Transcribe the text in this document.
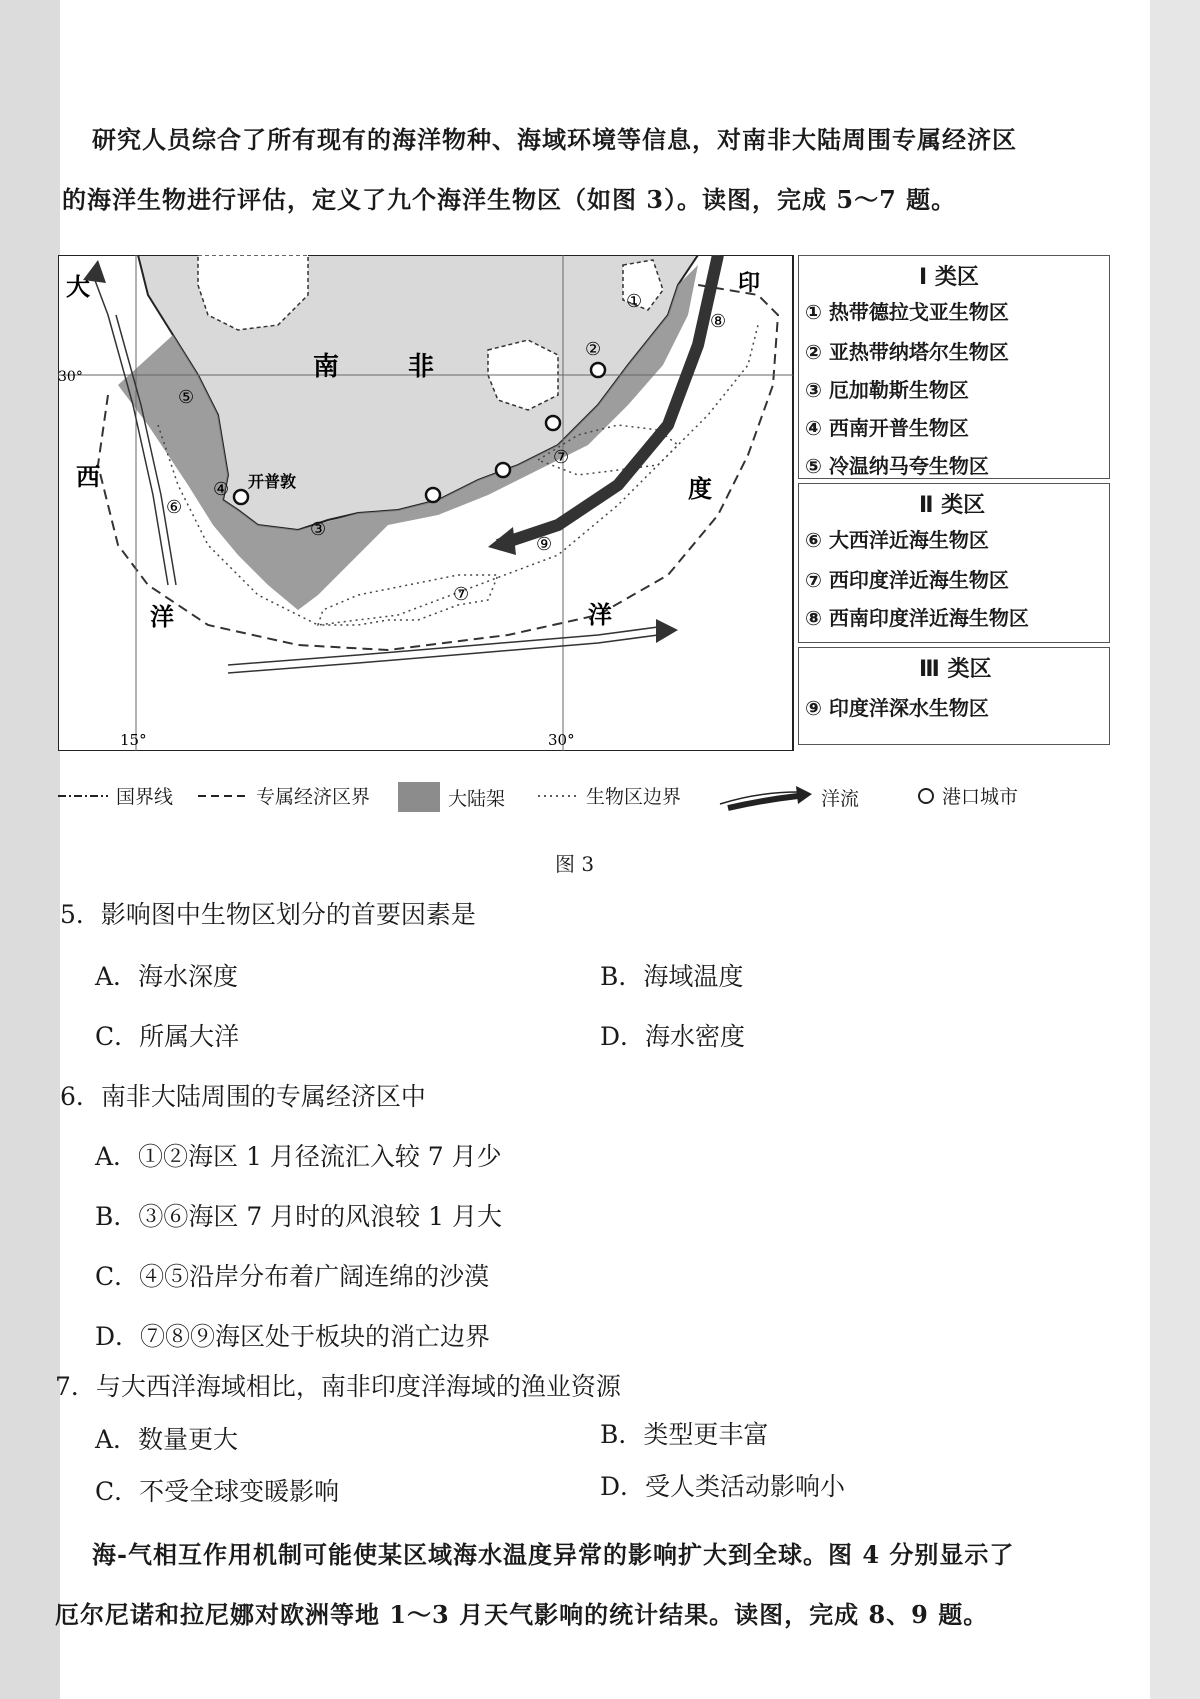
研究人员综合了所有现有的海洋物种、海域环境等信息，对南非大陆周围专属经济区
的海洋生物进行评估，定义了九个海洋生物区（如图 3）。读图，完成 5～7 题。
大
西
洋
印
度
洋
南 非
开普敦
30°
15°	30°
①
②
③
④
⑤
⑥
⑦
⑦
⑧
⑨
Ⅰ 类区
① 热带德拉戈亚生物区
② 亚热带纳塔尔生物区
③ 厄加勒斯生物区
④ 西南开普生物区
⑤ 冷温纳马夸生物区
Ⅱ 类区
⑥ 大西洋近海生物区
⑦ 西印度洋近海生物区
⑧ 西南印度洋近海生物区
Ⅲ 类区
⑨ 印度洋深水生物区
国界线	专属经济区界	大陆架	生物区边界	洋流	港口城市
图 3
5．影响图中生物区划分的首要因素是
A．海水深度	B．海域温度
C．所属大洋	D．海水密度
6．南非大陆周围的专属经济区中
A．①②海区 1 月径流汇入较 7 月少
B．③⑥海区 7 月时的风浪较 1 月大
C．④⑤沿岸分布着广阔连绵的沙漠
D．⑦⑧⑨海区处于板块的消亡边界
7．与大西洋海域相比，南非印度洋海域的渔业资源
A．数量更大	B．类型更丰富
C．不受全球变暖影响	D．受人类活动影响小
海-气相互作用机制可能使某区域海水温度异常的影响扩大到全球。图 4 分别显示了
厄尔尼诺和拉尼娜对欧洲等地 1～3 月天气影响的统计结果。读图，完成 8、9 题。
